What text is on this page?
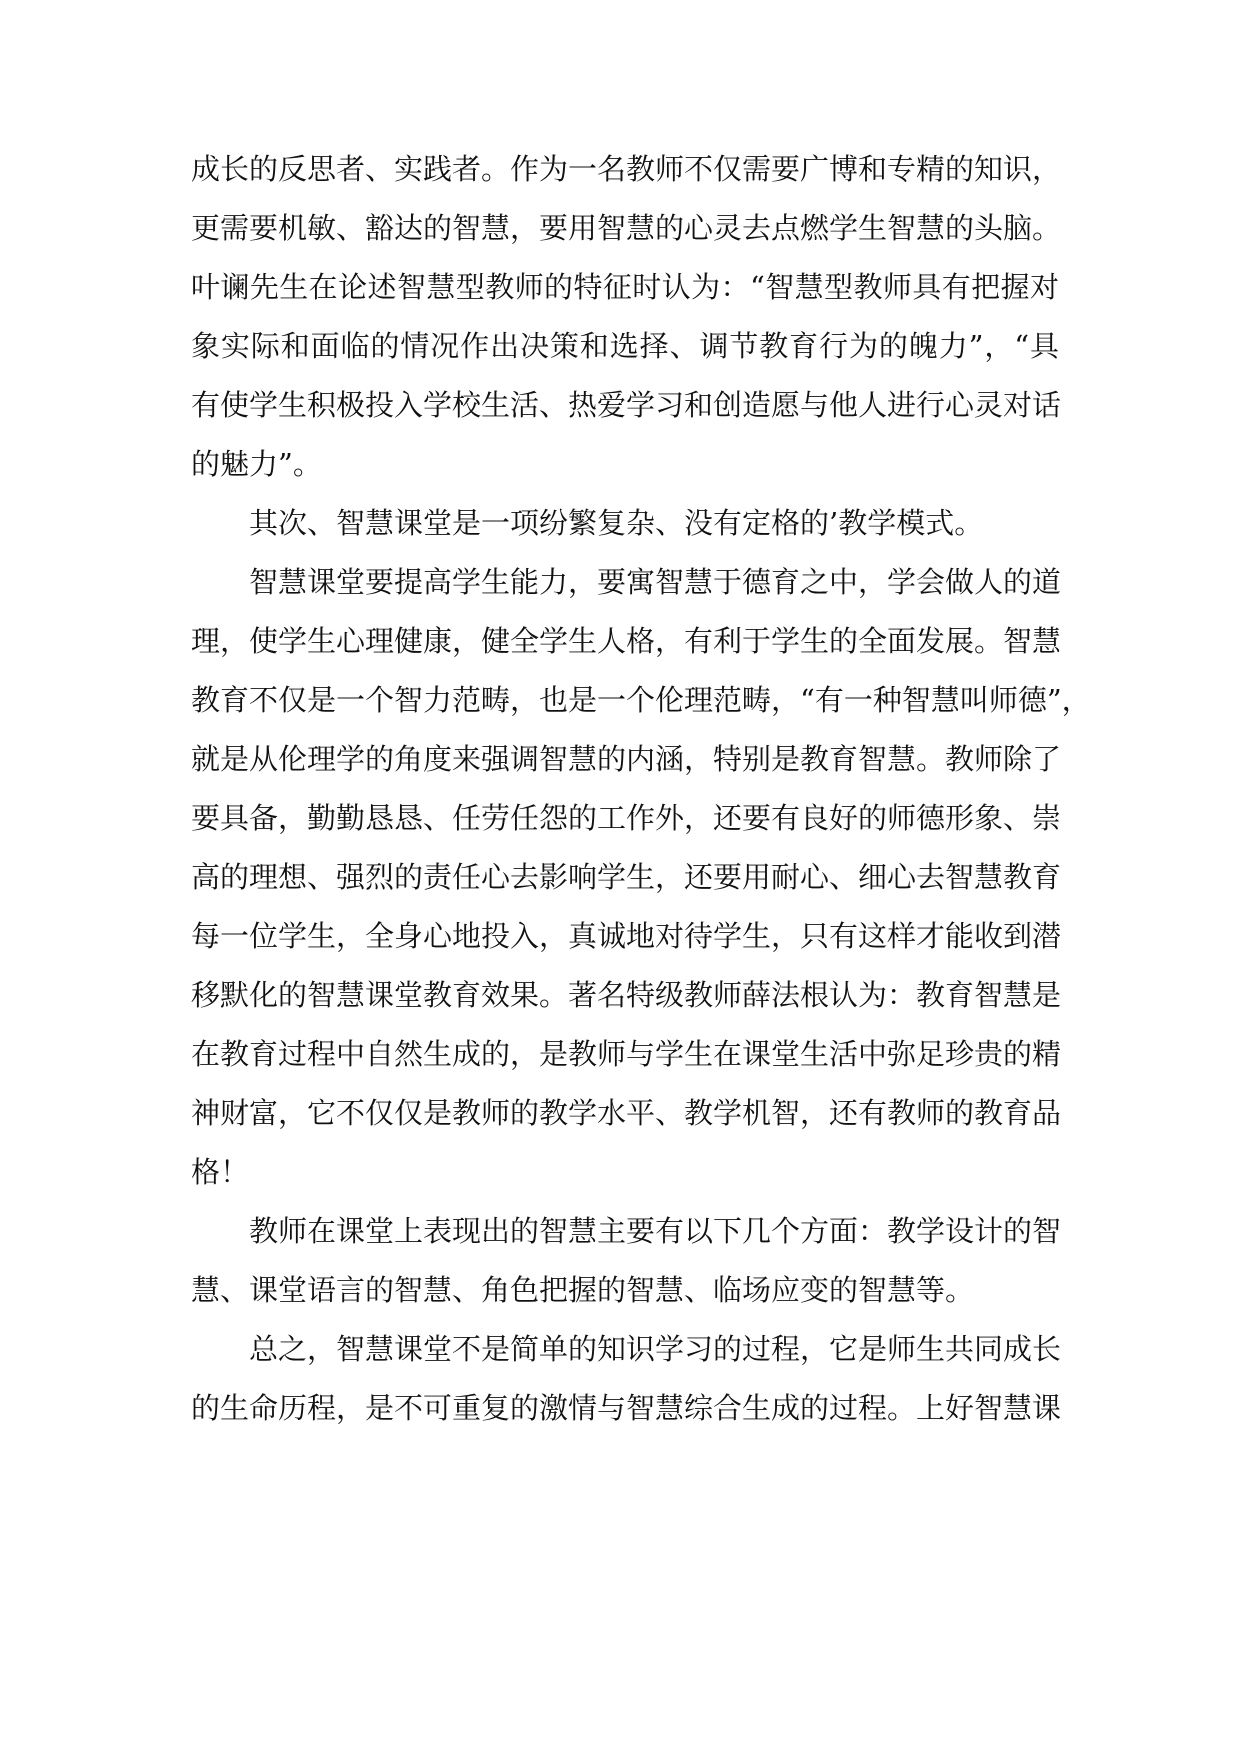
成长的反思者、实践者。作为一名教师不仅需要广博和专精的知识，
更需要机敏、豁达的智慧，要用智慧的心灵去点燃学生智慧的头脑。
叶谰先生在论述智慧型教师的特征时认为：“智慧型教师具有把握对
象实际和面临的情况作出决策和选择、调节教育行为的魄力”，“具
有使学生积极投入学校生活、热爱学习和创造愿与他人进行心灵对话
的魅力”。
其次、智慧课堂是一项纷繁复杂、没有定格的’教学模式。
智慧课堂要提高学生能力，要寓智慧于德育之中，学会做人的道
理，使学生心理健康，健全学生人格，有利于学生的全面发展。智慧
教育不仅是一个智力范畴，也是一个伦理范畴，“有一种智慧叫师德”，
就是从伦理学的角度来强调智慧的内涵，特别是教育智慧。教师除了
要具备，勤勤恳恳、任劳任怨的工作外，还要有良好的师德形象、崇
高的理想、强烈的责任心去影响学生，还要用耐心、细心去智慧教育
每一位学生，全身心地投入，真诚地对待学生，只有这样才能收到潜
移默化的智慧课堂教育效果。著名特级教师薛法根认为：教育智慧是
在教育过程中自然生成的，是教师与学生在课堂生活中弥足珍贵的精
神财富，它不仅仅是教师的教学水平、教学机智，还有教师的教育品
格！
教师在课堂上表现出的智慧主要有以下几个方面：教学设计的智
慧、课堂语言的智慧、角色把握的智慧、临场应变的智慧等。
总之，智慧课堂不是简单的知识学习的过程，它是师生共同成长
的生命历程，是不可重复的激情与智慧综合生成的过程。上好智慧课
